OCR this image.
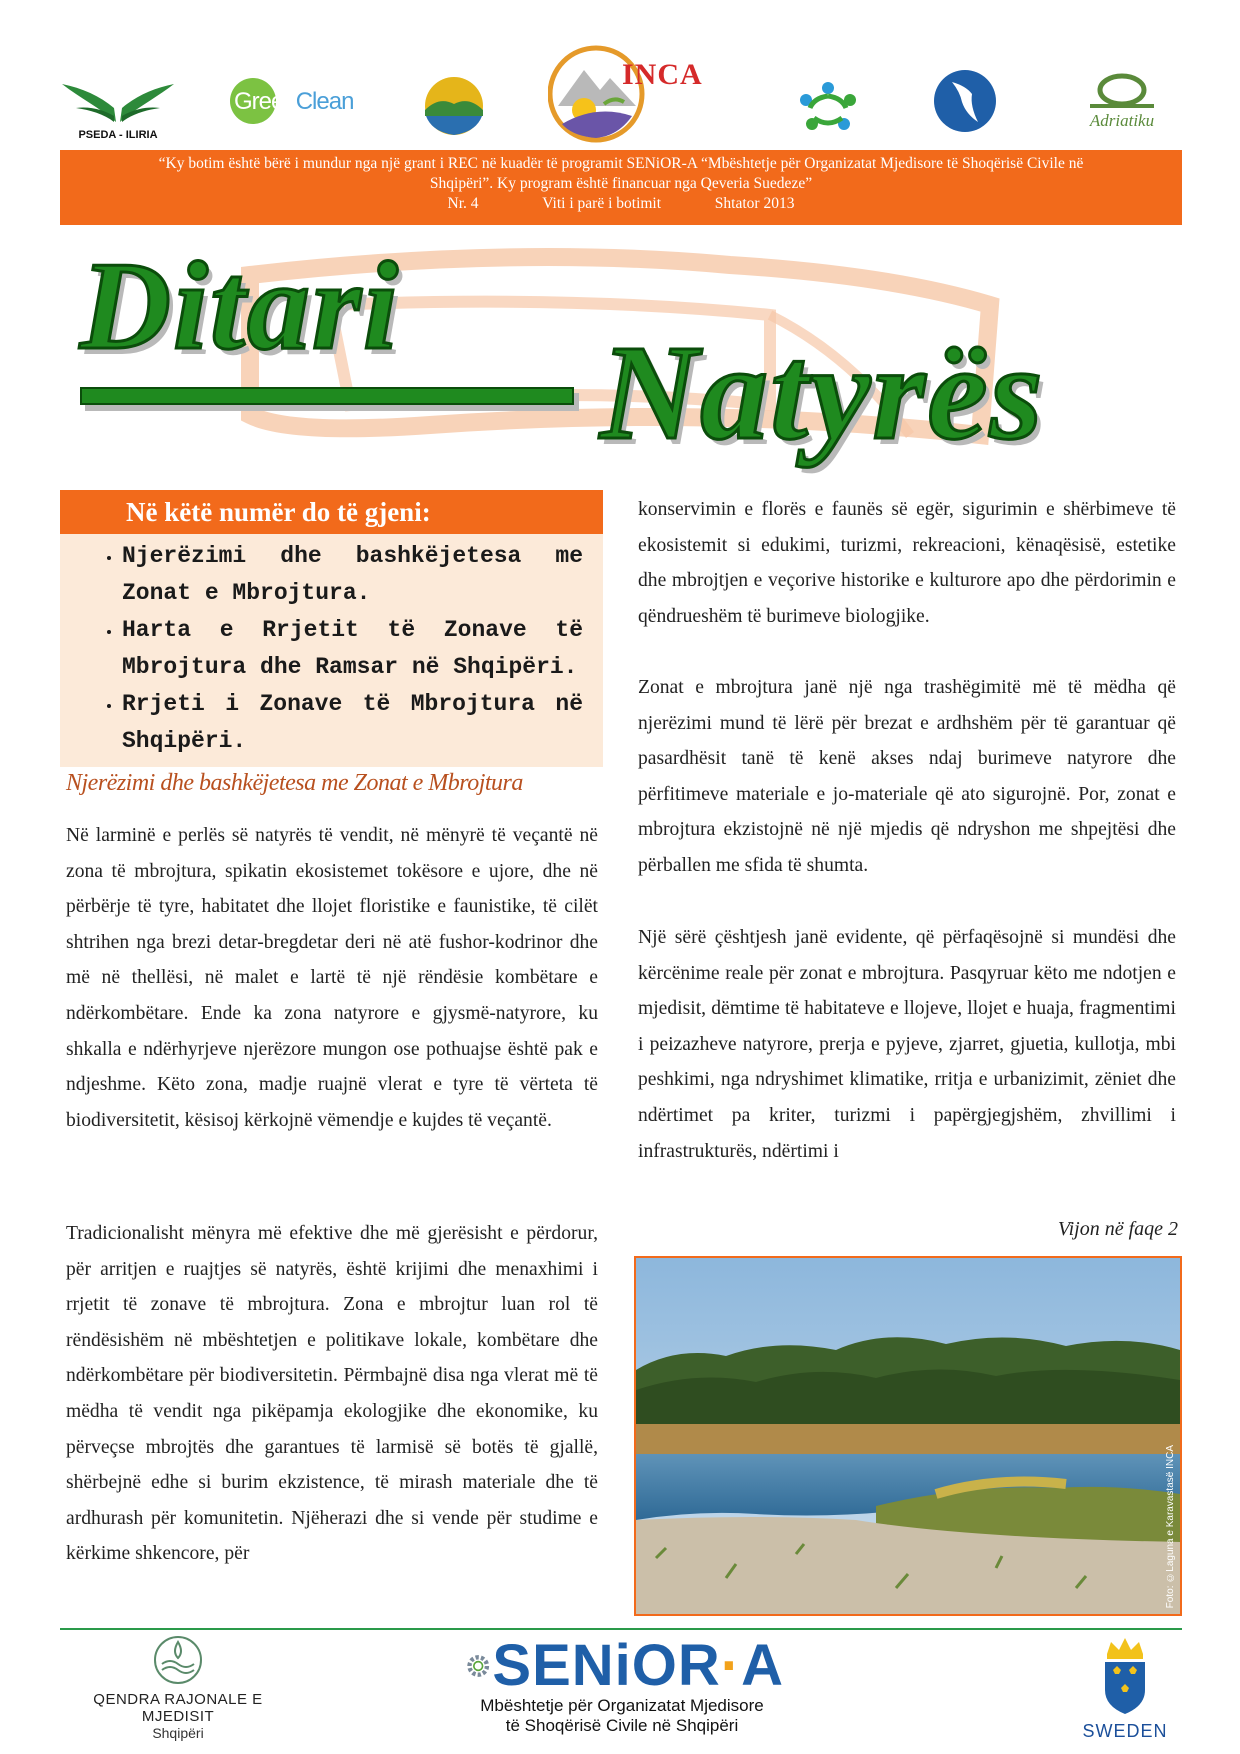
PSEDA - ILIRIA
GreenClean
INCA
Adriatiku
“Ky botim është bërë i mundur nga një grant i REC në kuadër të programit SENiOR-A “Mbështetje për Organizatat Mjedisore të Shoqërisë Civile në
Shqipëri”. Ky program është financuar nga Qeveria Suedeze”
Nr. 4	Viti i parë i botimit	Shtator 2013
Ditari
Natyrës
Në këtë numër do të gjeni:
• Njerëzimi dhe bashkëjetesa me Zonat e Mbrojtura.
• Harta e Rrjetit të Zonave të Mbrojtura dhe Ramsar në Shqipëri.
• Rrjeti i Zonave të Mbrojtura në Shqipëri.
Njerëzimi dhe bashkëjetesa me Zonat e Mbrojtura

Në larminë e perlës së natyrës të vendit, në mënyrë të veçantë në zona të mbrojtura, spikatin ekosistemet tokësore e ujore, dhe në përbërje të tyre, habitatet dhe llojet floristike e faunistike, të cilët shtrihen nga brezi detar-bregdetar deri në atë fushor-kodrinor dhe më në thellësi, në malet e lartë të një rëndësie kombëtare e ndërkombëtare. Ende ka zona natyrore e gjysmë-natyrore, ku shkalla e ndërhyrjeve njerëzore mungon ose pothuajse është pak e ndjeshme. Këto zona, madje ruajnë vlerat e tyre të vërteta të biodiversitetit, kësisoj kërkojnë vëmendje e kujdes të veçantë.

Tradicionalisht mënyra më efektive dhe më gjerësisht e përdorur, për arritjen e ruajtjes së natyrës, është krijimi dhe menaxhimi i rrjetit të zonave të mbrojtura. Zona e mbrojtur luan rol të rëndësishëm në mbështetjen e politikave lokale, kombëtare dhe ndërkombëtare për biodiversitetin. Përmbajnë disa nga vlerat më të mëdha të vendit nga pikëpamja ekologjike dhe ekonomike, ku përveçse mbrojtës dhe garantues të larmisë së botës të gjallë, shërbejnë edhe si burim ekzistence, të mirash materiale dhe të ardhurash për komunitetin. Njëherazi dhe si vende për studime e kërkime shkencore, për

konservimin e florës e faunës së egër, sigurimin e shërbimeve të ekosistemit si edukimi, turizmi, rekreacioni, kënaqësisë, estetike dhe mbrojtjen e veçorive historike e kulturore apo dhe përdorimin e qëndrueshëm të burimeve biologjike.

Zonat e mbrojtura janë një nga trashëgimitë më të mëdha që njerëzimi mund të lërë për brezat e ardhshëm për të garantuar që pasardhësit tanë të kenë akses ndaj burimeve natyrore dhe përfitimeve materiale e jo-materiale që ato sigurojnë. Por, zonat e mbrojtura ekzistojnë në një mjedis që ndryshon me shpejtësi dhe përballen me sfida të shumta.

Një sërë çështjesh janë evidente, që përfaqësojnë si mundësi dhe kërcënime reale për zonat e mbrojtura. Pasqyruar këto me ndotjen e mjedisit, dëmtime të habitateve e llojeve, llojet e huaja, fragmentimi i peizazheve natyrore, prerja e pyjeve, zjarret, gjuetia, kullotja, mbi peshkimi, nga ndryshimet klimatike, rritja e urbanizimit, zëniet dhe ndërtimet pa kriter, turizmi i papërgjegjshëm, zhvillimi i infrastrukturës, ndërtimi i

Vijon në faqe 2
Foto: ©Laguna e Karavastasë INCA
QENDRA RAJONALE E MJEDISIT
Shqipëri
SENiOR·A
Mbështetje për Organizatat Mjedisore
të Shoqërisë Civile në Shqipëri	SWEDEN
